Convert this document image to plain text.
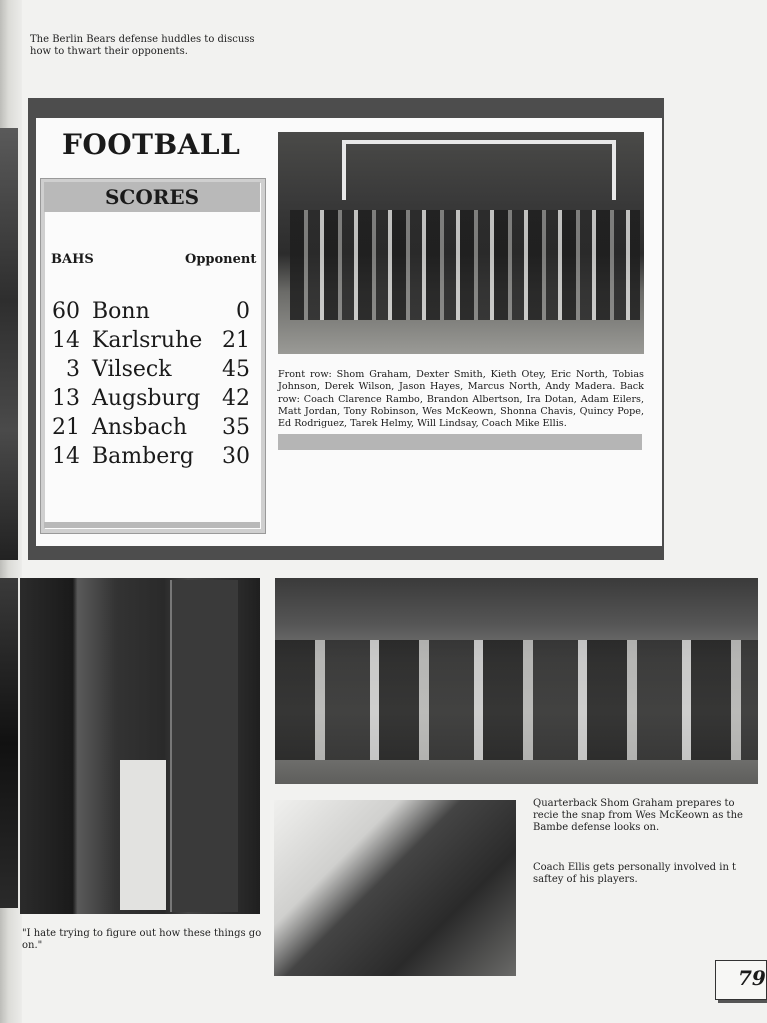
The Berlin Bears defense huddles to discuss how to thwart their opponents.
FOOTBALL
SCORES
BAHS	Opponent
60 Bonn	0
14 Karlsruhe 21
3 Vilseck 45
13 Augsburg 42
21 Ansbach 35
14 Bamberg 30
Front row: Shom Graham, Dexter Smith, Kieth Otey, Eric North, Tobias Johnson, Derek Wilson, Jason Hayes, Marcus North, Andy Madera. Back row: Coach Clarence Rambo, Brandon Albertson, Ira Dotan, Adam Eilers, Matt Jordan, Tony Robinson, Wes McKeown, Shonna Chavis, Quincy Pope, Ed Rodriguez, Tarek Helmy, Will Lindsay, Coach Mike Ellis.
"I hate trying to figure out how these things go on."
Quarterback Shom Graham prepares to recie the snap from Wes McKeown as the Bambe defense looks on.
Coach Ellis gets personally involved in t saftey of his players.
79
